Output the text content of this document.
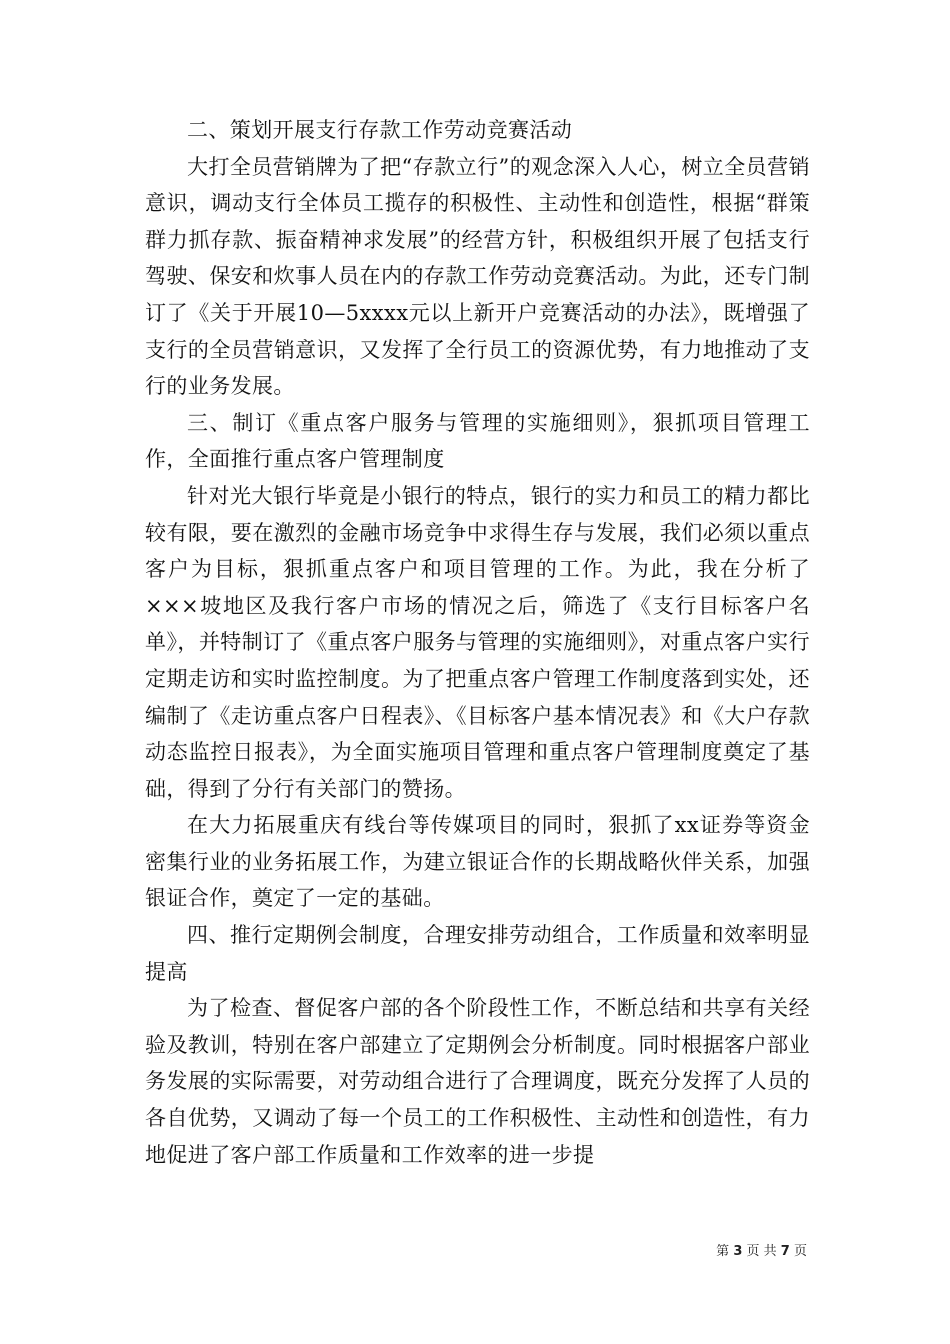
二、策划开展支行存款工作劳动竞赛活动

大打全员营销牌为了把“存款立行”的观念深入人心，树立全员营销意识，调动支行全体员工揽存的积极性、主动性和创造性，根据“群策群力抓存款、振奋精神求发展”的经营方针，积极组织开展了包括支行驾驶、保安和炊事人员在内的存款工作劳动竞赛活动。为此，还专门制订了《关于开展10—5xxxx元以上新开户竞赛活动的办法》，既增强了支行的全员营销意识，又发挥了全行员工的资源优势，有力地推动了支行的业务发展。

三、制订《重点客户服务与管理的实施细则》，狠抓项目管理工作，全面推行重点客户管理制度

针对光大银行毕竟是小银行的特点，银行的实力和员工的精力都比较有限，要在激烈的金融市场竞争中求得生存与发展，我们必须以重点客户为目标，狠抓重点客户和项目管理的工作。为此，我在分析了×××坡地区及我行客户市场的情况之后，筛选了《支行目标客户名单》，并特制订了《重点客户服务与管理的实施细则》，对重点客户实行定期走访和实时监控制度。为了把重点客户管理工作制度落到实处，还编制了《走访重点客户日程表》、《目标客户基本情况表》和《大户存款动态监控日报表》，为全面实施项目管理和重点客户管理制度奠定了基础，得到了分行有关部门的赞扬。

在大力拓展重庆有线台等传媒项目的同时，狠抓了xx证券等资金密集行业的业务拓展工作，为建立银证合作的长期战略伙伴关系，加强银证合作，奠定了一定的基础。

四、推行定期例会制度，合理安排劳动组合，工作质量和效率明显提高

为了检查、督促客户部的各个阶段性工作，不断总结和共享有关经验及教训，特别在客户部建立了定期例会分析制度。同时根据客户部业务发展的实际需要，对劳动组合进行了合理调度，既充分发挥了人员的各自优势，又调动了每一个员工的工作积极性、主动性和创造性，有力地促进了客户部工作质量和工作效率的进一步提

第 3 页 共 7 页
